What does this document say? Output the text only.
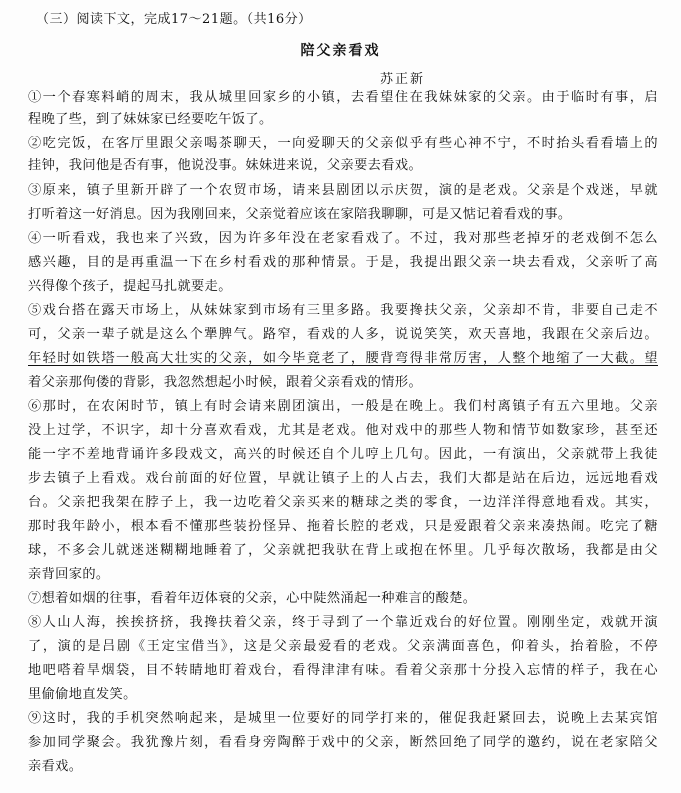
（三）阅读下文，完成17～21题。（共16分）
陪父亲看戏
苏正新
①一个春寒料峭的周末，我从城里回家乡的小镇，去看望住在我妹妹家的父亲。由于临时有事，启
程晚了些，到了妹妹家已经要吃午饭了。
②吃完饭，在客厅里跟父亲喝茶聊天，一向爱聊天的父亲似乎有些心神不宁，不时抬头看看墙上的
挂钟，我问他是否有事，他说没事。妹妹进来说，父亲要去看戏。
③原来，镇子里新开辟了一个农贸市场，请来县剧团以示庆贺，演的是老戏。父亲是个戏迷，早就
打听着这一好消息。因为我刚回来，父亲觉着应该在家陪我聊聊，可是又惦记着看戏的事。
④一听看戏，我也来了兴致，因为许多年没在老家看戏了。不过，我对那些老掉牙的老戏倒不怎么
感兴趣，目的是再重温一下在乡村看戏的那种情景。于是，我提出跟父亲一块去看戏，父亲听了高
兴得像个孩子，提起马扎就要走。
⑤戏台搭在露天市场上，从妹妹家到市场有三里多路。我要搀扶父亲，父亲却不肯，非要自己走不
可，父亲一辈子就是这么个犟脾气。路窄，看戏的人多，说说笑笑，欢天喜地，我跟在父亲后边。
年轻时如铁塔一般高大壮实的父亲，如今毕竟老了，腰背弯得非常厉害，人整个地缩了一大截。望
着父亲那佝偻的背影，我忽然想起小时候，跟着父亲看戏的情形。
⑥那时，在农闲时节，镇上有时会请来剧团演出，一般是在晚上。我们村离镇子有五六里地。父亲
没上过学，不识字，却十分喜欢看戏，尤其是老戏。他对戏中的那些人物和情节如数家珍，甚至还
能一字不差地背诵许多段戏文，高兴的时候还自个儿哼上几句。因此，一有演出，父亲就带上我徒
步去镇子上看戏。戏台前面的好位置，早就让镇子上的人占去，我们大都是站在后边，远远地看戏
台。父亲把我架在脖子上，我一边吃着父亲买来的糖球之类的零食，一边洋洋得意地看戏。其实，
那时我年龄小，根本看不懂那些装扮怪异、拖着长腔的老戏，只是爱跟着父亲来凑热闹。吃完了糖
球，不多会儿就迷迷糊糊地睡着了，父亲就把我驮在背上或抱在怀里。几乎每次散场，我都是由父
亲背回家的。
⑦想着如烟的往事，看着年迈体衰的父亲，心中陡然涌起一种难言的酸楚。
⑧人山人海，挨挨挤挤，我搀扶着父亲，终于寻到了一个靠近戏台的好位置。刚刚坐定，戏就开演
了，演的是吕剧《王定宝借当》，这是父亲最爱看的老戏。父亲满面喜色，仰着头，抬着脸，不停
地吧嗒着旱烟袋，目不转睛地盯着戏台，看得津津有味。看着父亲那十分投入忘情的样子，我在心
里偷偷地直发笑。
⑨这时，我的手机突然响起来，是城里一位要好的同学打来的，催促我赶紧回去，说晚上去某宾馆
参加同学聚会。我犹豫片刻，看看身旁陶醉于戏中的父亲，断然回绝了同学的邀约，说在老家陪父
亲看戏。
